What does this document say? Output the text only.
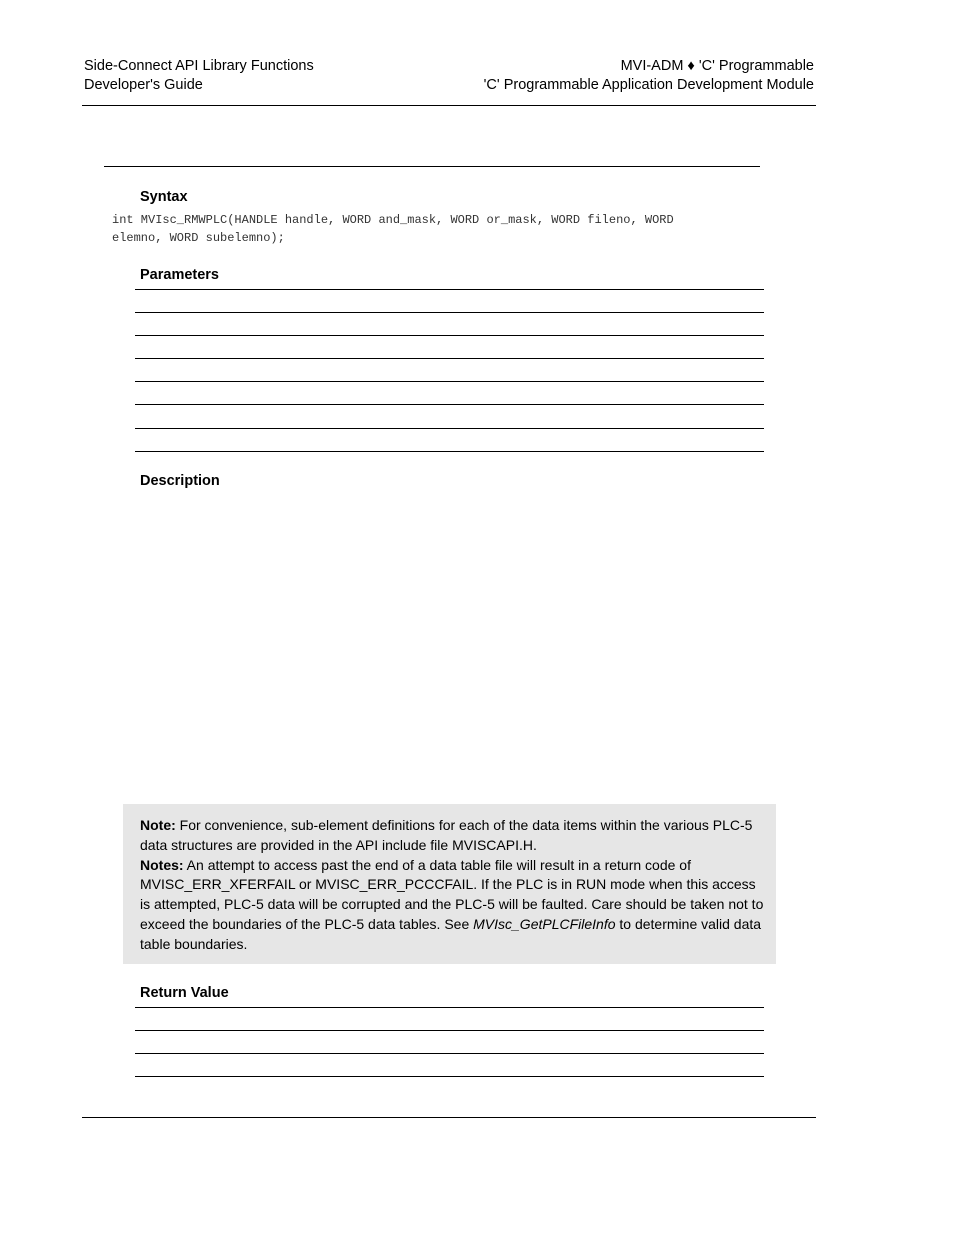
Side-Connect API Library Functions
Developer's Guide
MVI-ADM ♦ 'C' Programmable
'C' Programmable Application Development Module
Syntax
int MVIsc_RMWPLC(HANDLE handle, WORD and_mask, WORD or_mask, WORD fileno, WORD
elemno, WORD subelemno);
Parameters
Description

Note: For convenience, sub-element definitions for each of the data items within the various PLC-5 data structures are provided in the API include file MVISCAPI.H.

Notes: An attempt to access past the end of a data table file will result in a return code of MVISC_ERR_XFERFAIL or MVISC_ERR_PCCCFAIL. If the PLC is in RUN mode when this access is attempted, PLC-5 data will be corrupted and the PLC-5 will be faulted. Care should be taken not to exceed the boundaries of the PLC-5 data tables. See MVIsc_GetPLCFileInfo to determine valid data table boundaries.

Return Value
